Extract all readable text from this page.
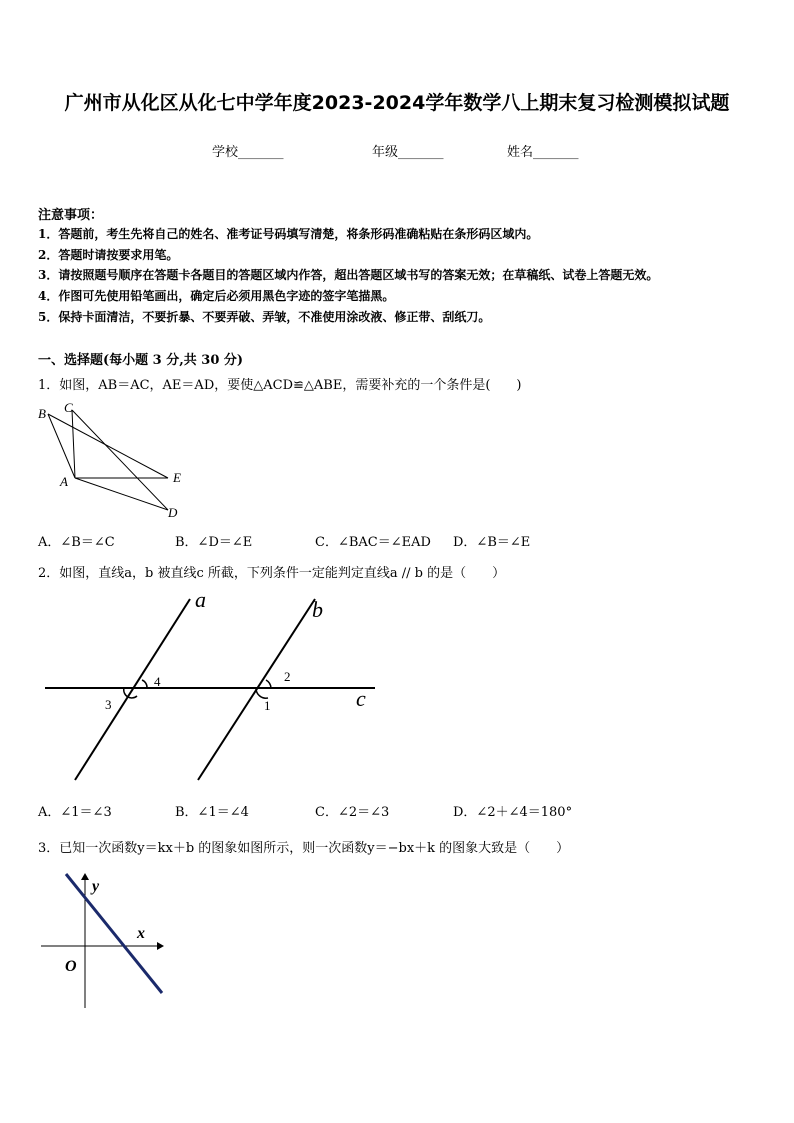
广州市从化区从化七中学年度2023-2024学年数学八上期末复习检测模拟试题
学校_______	年级_______	姓名_______
注意事项：
1．答题前，考生先将自己的姓名、准考证号码填写清楚，将条形码准确粘贴在条形码区域内。
2．答题时请按要求用笔。
3．请按照题号顺序在答题卡各题目的答题区域内作答，超出答题区域书写的答案无效；在草稿纸、试卷上答题无效。
4．作图可先使用铅笔画出，确定后必须用黑色字迹的签字笔描黑。
5．保持卡面清洁，不要折暴、不要弄破、弄皱，不准使用涂改液、修正带、刮纸刀。
一、选择题(每小题 3 分,共 30 分)
1．如图，AB＝AC，AE＝AD，要使△ACD≌△ABE，需要补充的一个条件是(　　)
B C
A	E
D
A．∠B＝∠C	B．∠D＝∠E	C．∠BAC＝∠EAD D．∠B＝∠E
2．如图，直线a，b 被直线c 所截，下列条件一定能判定直线a // b 的是（　　）
a	b
c
4
3
2
1
A．∠1＝∠3	B．∠1＝∠4	C．∠2＝∠3	D．∠2＋∠4＝180°
3．已知一次函数y＝kx＋b 的图象如图所示，则一次函数y＝−bx＋k 的图象大致是（　　）
y
x
O
